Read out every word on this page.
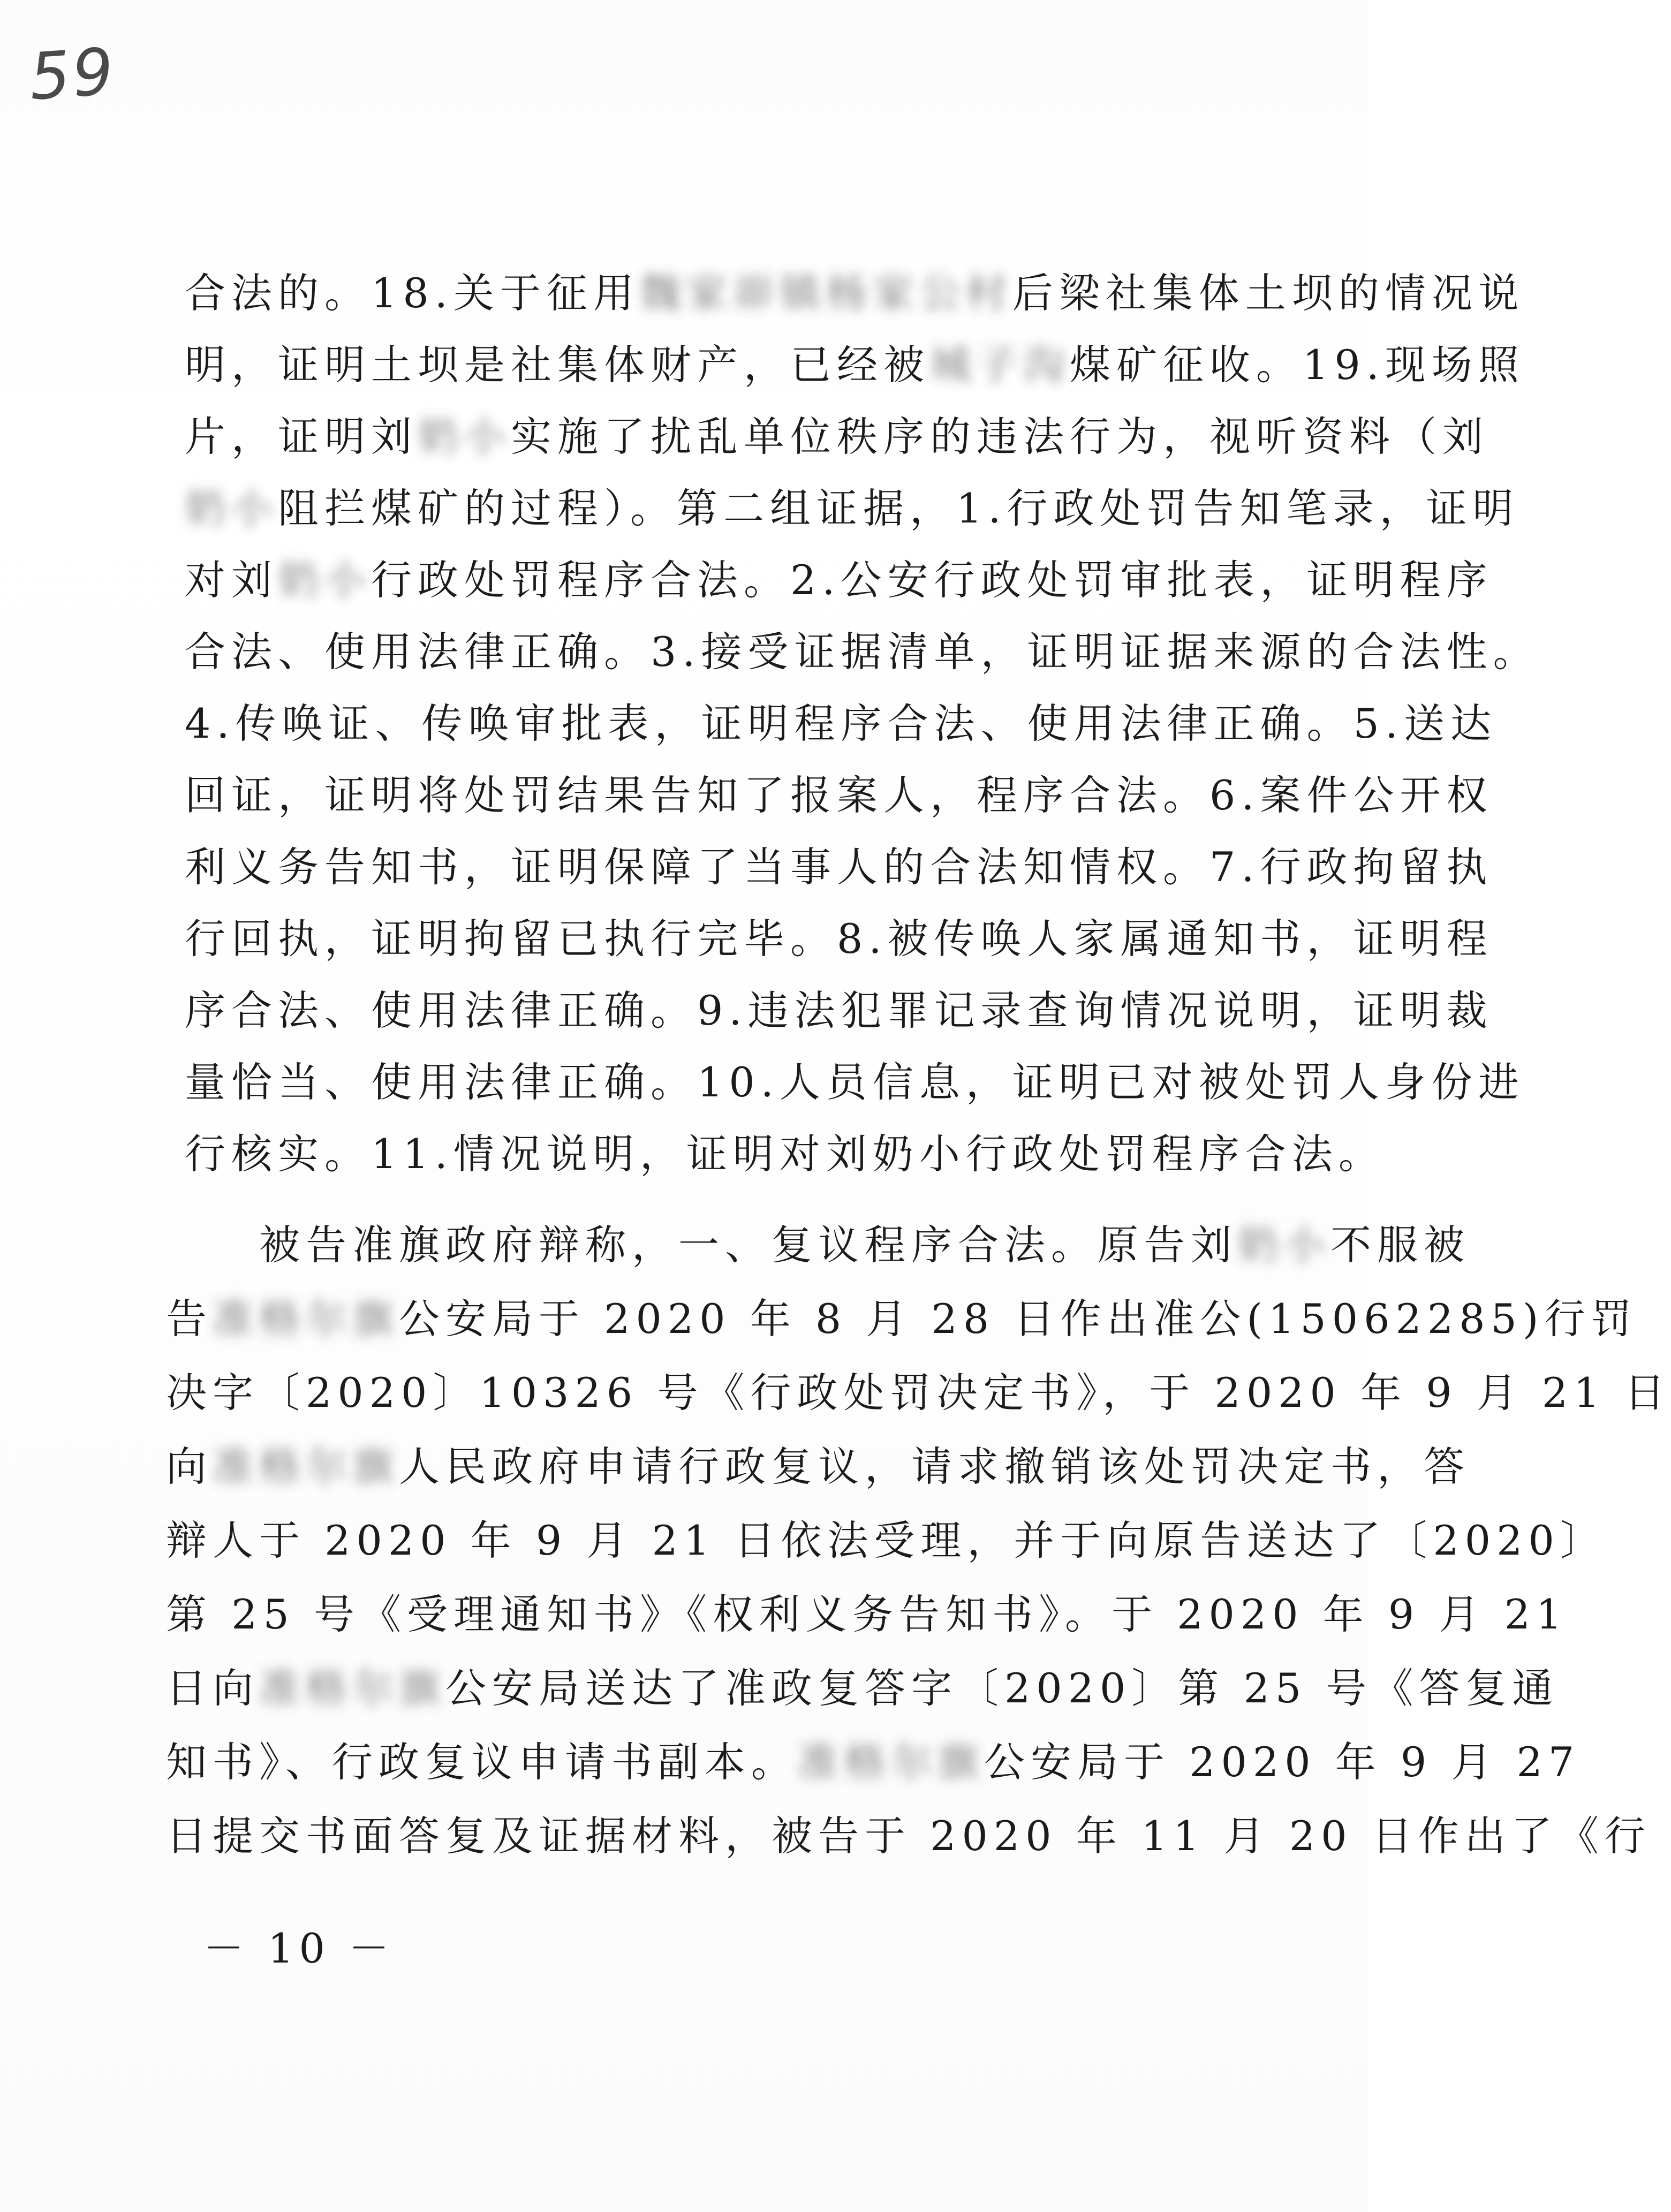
59
合法的。18.关于征用魏家峁镇杨家公村后梁社集体土坝的情况说
明，证明土坝是社集体财产，已经被城子沟煤矿征收。19.现场照
片，证明刘奶小实施了扰乱单位秩序的违法行为，视听资料（刘
奶小阻拦煤矿的过程）。第二组证据，1.行政处罚告知笔录，证明
对刘奶小行政处罚程序合法。2.公安行政处罚审批表，证明程序
合法、使用法律正确。3.接受证据清单，证明证据来源的合法性。
4.传唤证、传唤审批表，证明程序合法、使用法律正确。5.送达
回证，证明将处罚结果告知了报案人，程序合法。6.案件公开权
利义务告知书，证明保障了当事人的合法知情权。7.行政拘留执
行回执，证明拘留已执行完毕。8.被传唤人家属通知书，证明程
序合法、使用法律正确。9.违法犯罪记录查询情况说明，证明裁
量恰当、使用法律正确。10.人员信息，证明已对被处罚人身份进
行核实。11.情况说明，证明对刘奶小行政处罚程序合法。
　　被告准旗政府辩称，一、复议程序合法。原告刘奶小不服被
告准格尔旗公安局于 2020 年 8 月 28 日作出准公(15062285)行罚
决字〔2020〕10326 号《行政处罚决定书》，于 2020 年 9 月 21 日
向准格尔旗人民政府申请行政复议，请求撤销该处罚决定书，答
辩人于 2020 年 9 月 21 日依法受理，并于向原告送达了〔2020〕
第 25 号《受理通知书》《权利义务告知书》。于 2020 年 9 月 21
日向准格尔旗公安局送达了准政复答字〔2020〕第 25 号《答复通
知书》、行政复议申请书副本。准格尔旗公安局于 2020 年 9 月 27
日提交书面答复及证据材料，被告于 2020 年 11 月 20 日作出了《行
－ 10 －
